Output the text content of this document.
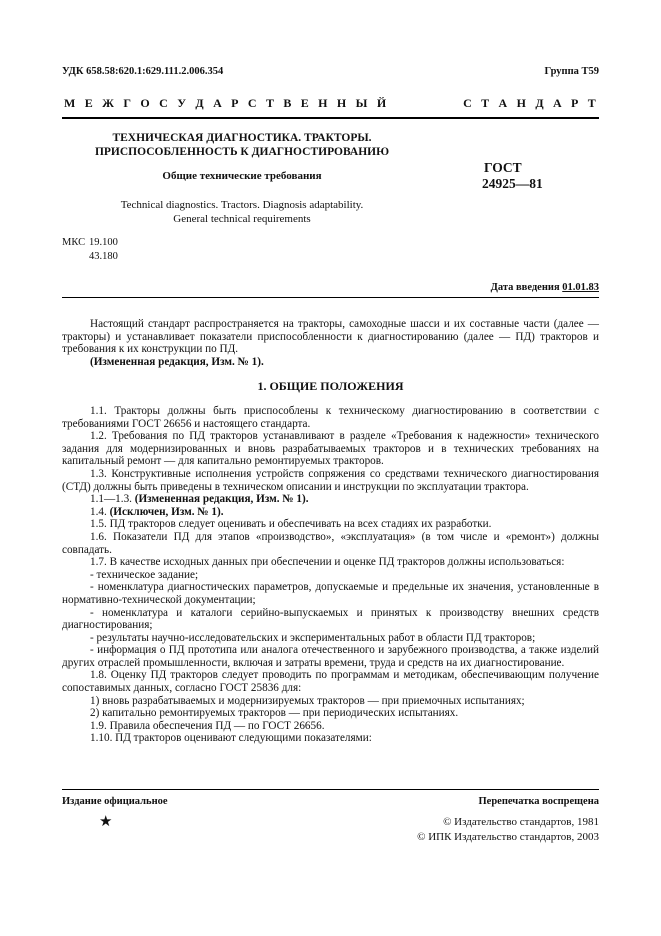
УДК 658.58:620.1:629.111.2.006.354	Группа Т59
М Е Ж Г О С У Д А Р С Т В Е Н Н Ы Й	С Т А Н Д А Р Т
ТЕХНИЧЕСКАЯ ДИАГНОСТИКА. ТРАКТОРЫ.
ПРИСПОСОБЛЕННОСТЬ К ДИАГНОСТИРОВАНИЮ
Общие технические требования
Technical diagnostics. Tractors. Diagnosis adaptability.
General technical requirements
ГОСТ
24925—81
МКС 19.100
43.180
Дата введения 01.01.83

Настоящий стандарт распространяется на тракторы, самоходные шасси и их составные части (далее — тракторы) и устанавливает показатели приспособленности к диагностированию (далее — ПД) тракторов и требования к их конструкции по ПД.

(Измененная редакция, Изм. № 1).

1. ОБЩИЕ ПОЛОЖЕНИЯ

1.1. Тракторы должны быть приспособлены к техническому диагностированию в соответствии с требованиями ГОСТ 26656 и настоящего стандарта.

1.2. Требования по ПД тракторов устанавливают в разделе «Требования к надежности» технического задания для модернизированных и вновь разрабатываемых тракторов и в технических требованиях на капитальный ремонт — для капитально ремонтируемых тракторов.

1.3. Конструктивные исполнения устройств сопряжения со средствами технического диагностирования (СТД) должны быть приведены в техническом описании и инструкции по эксплуатации трактора.

1.1—1.3. (Измененная редакция, Изм. № 1).

1.4. (Исключен, Изм. № 1).

1.5. ПД тракторов следует оценивать и обеспечивать на всех стадиях их разработки.

1.6. Показатели ПД для этапов «производство», «эксплуатация» (в том числе и «ремонт») должны совпадать.

1.7. В качестве исходных данных при обеспечении и оценке ПД тракторов должны использоваться:

- техническое задание;

- номенклатура диагностических параметров, допускаемые и предельные их значения, установленные в нормативно-технической документации;

- номенклатура и каталоги серийно-выпускаемых и принятых к производству внешних средств диагностирования;

- результаты научно-исследовательских и экспериментальных работ в области ПД тракторов;

- информация о ПД прототипа или аналога отечественного и зарубежного производства, а также изделий других отраслей промышленности, включая и затраты времени, труда и средств на их диагностирование.

1.8. Оценку ПД тракторов следует проводить по программам и методикам, обеспечивающим получение сопоставимых данных, согласно ГОСТ 25836 для:

1) вновь разрабатываемых и модернизируемых тракторов — при приемочных испытаниях;

2) капитально ремонтируемых тракторов — при периодических испытаниях.

1.9. Правила обеспечения ПД — по ГОСТ 26656.

1.10. ПД тракторов оценивают следующими показателями:

Издание официальное	Перепечатка воспрещена
★	© Издательство стандартов, 1981
© ИПК Издательство стандартов, 2003
